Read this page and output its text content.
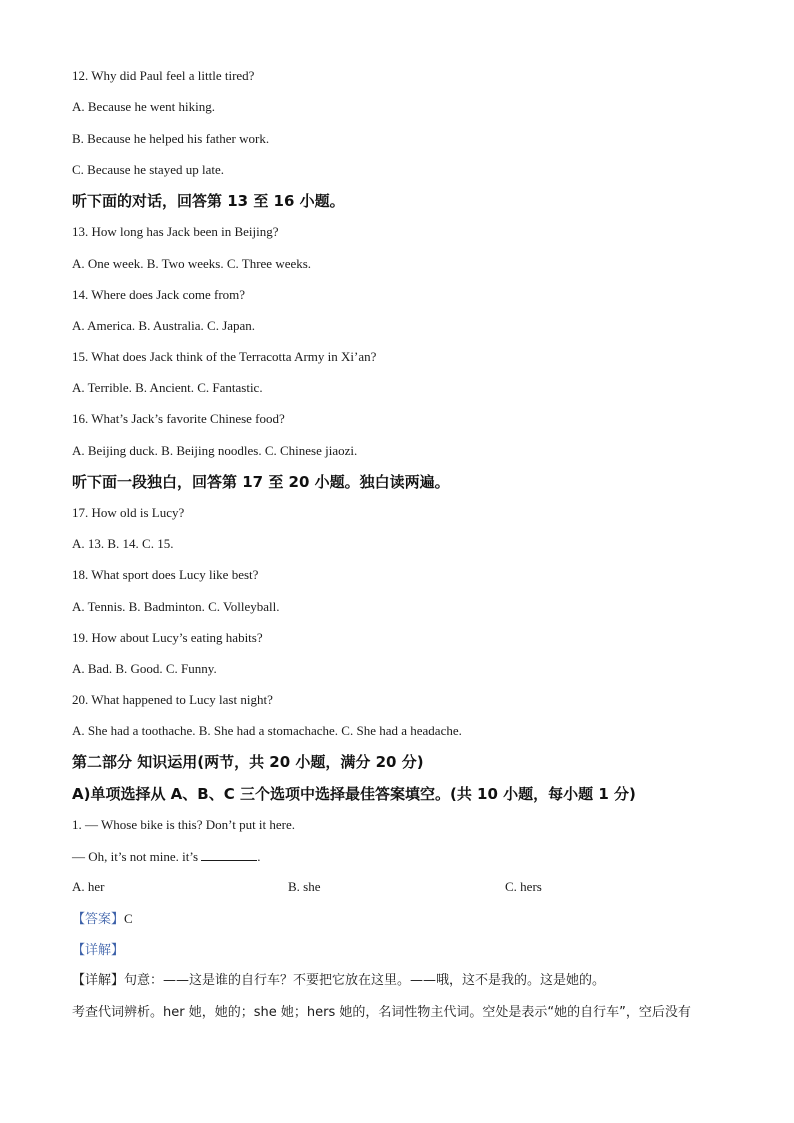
12. Why did Paul feel a little tired?
A. Because he went hiking.
B. Because he helped his father work.
C. Because he stayed up late.
听下面的对话，回答第 13 至 16 小题。
13. How long has Jack been in Beijing?
A. One week. B. Two weeks. C. Three weeks.
14. Where does Jack come from?
A. America. B. Australia. C. Japan.
15. What does Jack think of the Terracotta Army in Xi’an?
A. Terrible. B. Ancient. C. Fantastic.
16. What’s Jack’s favorite Chinese food?
A. Beijing duck. B. Beijing noodles. C. Chinese jiaozi.
听下面一段独白，回答第 17 至 20 小题。独白读两遍。
17. How old is Lucy?
A. 13. B. 14. C. 15.
18. What sport does Lucy like best?
A. Tennis. B. Badminton. C. Volleyball.
19. How about Lucy’s eating habits?
A. Bad. B. Good. C. Funny.
20. What happened to Lucy last night?
A. She had a toothache. B. She had a stomachache. C. She had a headache.
第二部分 知识运用(两节，共 20 小题，满分 20 分)
A)单项选择从 A、B、C 三个选项中选择最佳答案填空。(共 10 小题，每小题 1 分)
1. — Whose bike is this? Don’t put it here.
— Oh, it’s not mine. it’s	.
A. her	B. she	C. hers
【答案】C
【详解】
【详解】句意：——这是谁的自行车？不要把它放在这里。——哦，这不是我的。这是她的。
考查代词辨析。her 她，她的；she 她；hers 她的，名词性物主代词。空处是表示“她的自行车”，空后没有
